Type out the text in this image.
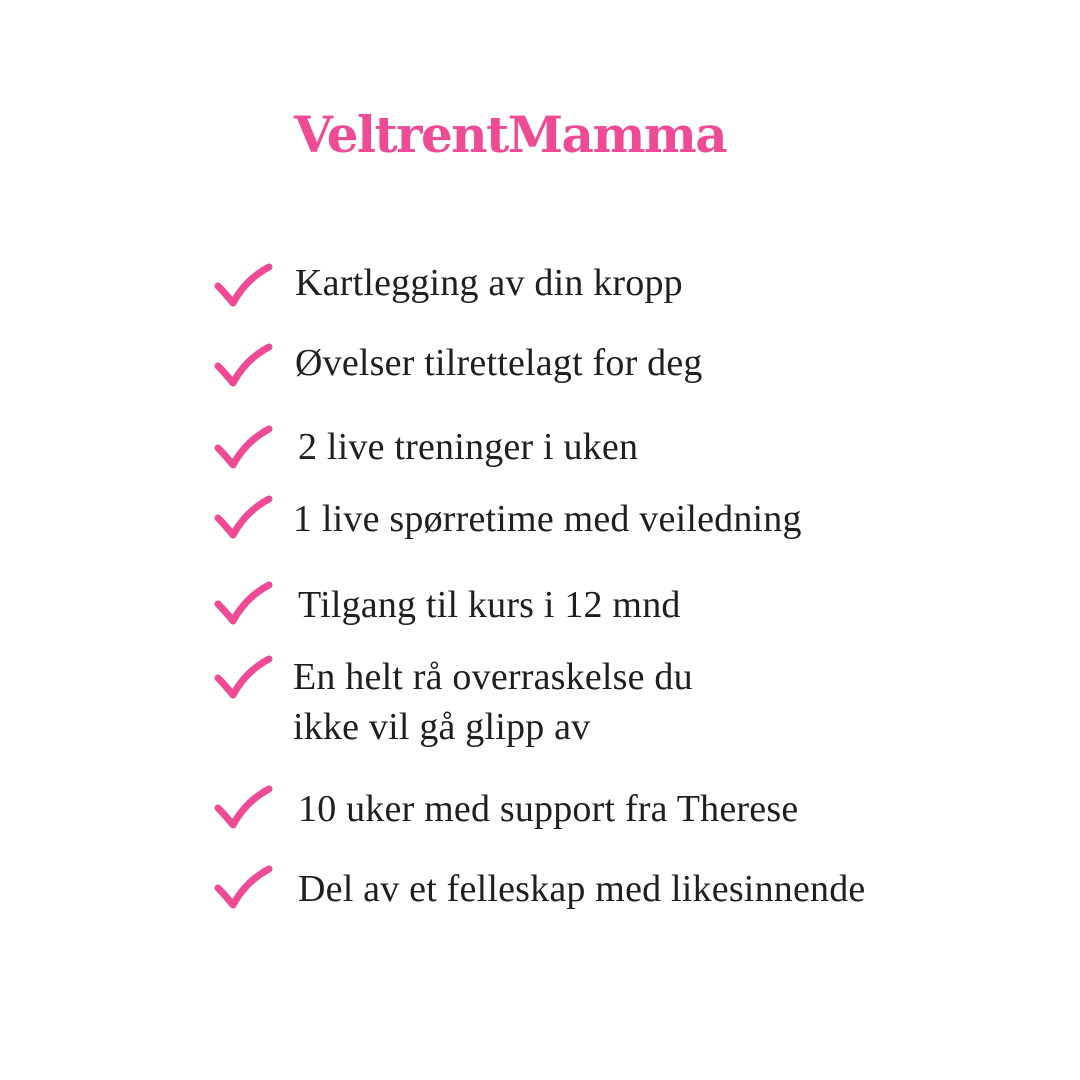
VeltrentMamma
Kartlegging av din kropp
Øvelser tilrettelagt for deg
2 live treninger i uken
1 live spørretime med veiledning
Tilgang til kurs i 12 mnd
En helt rå overraskelse du
ikke vil gå glipp av
10 uker med support fra Therese
Del av et felleskap med likesinnende
